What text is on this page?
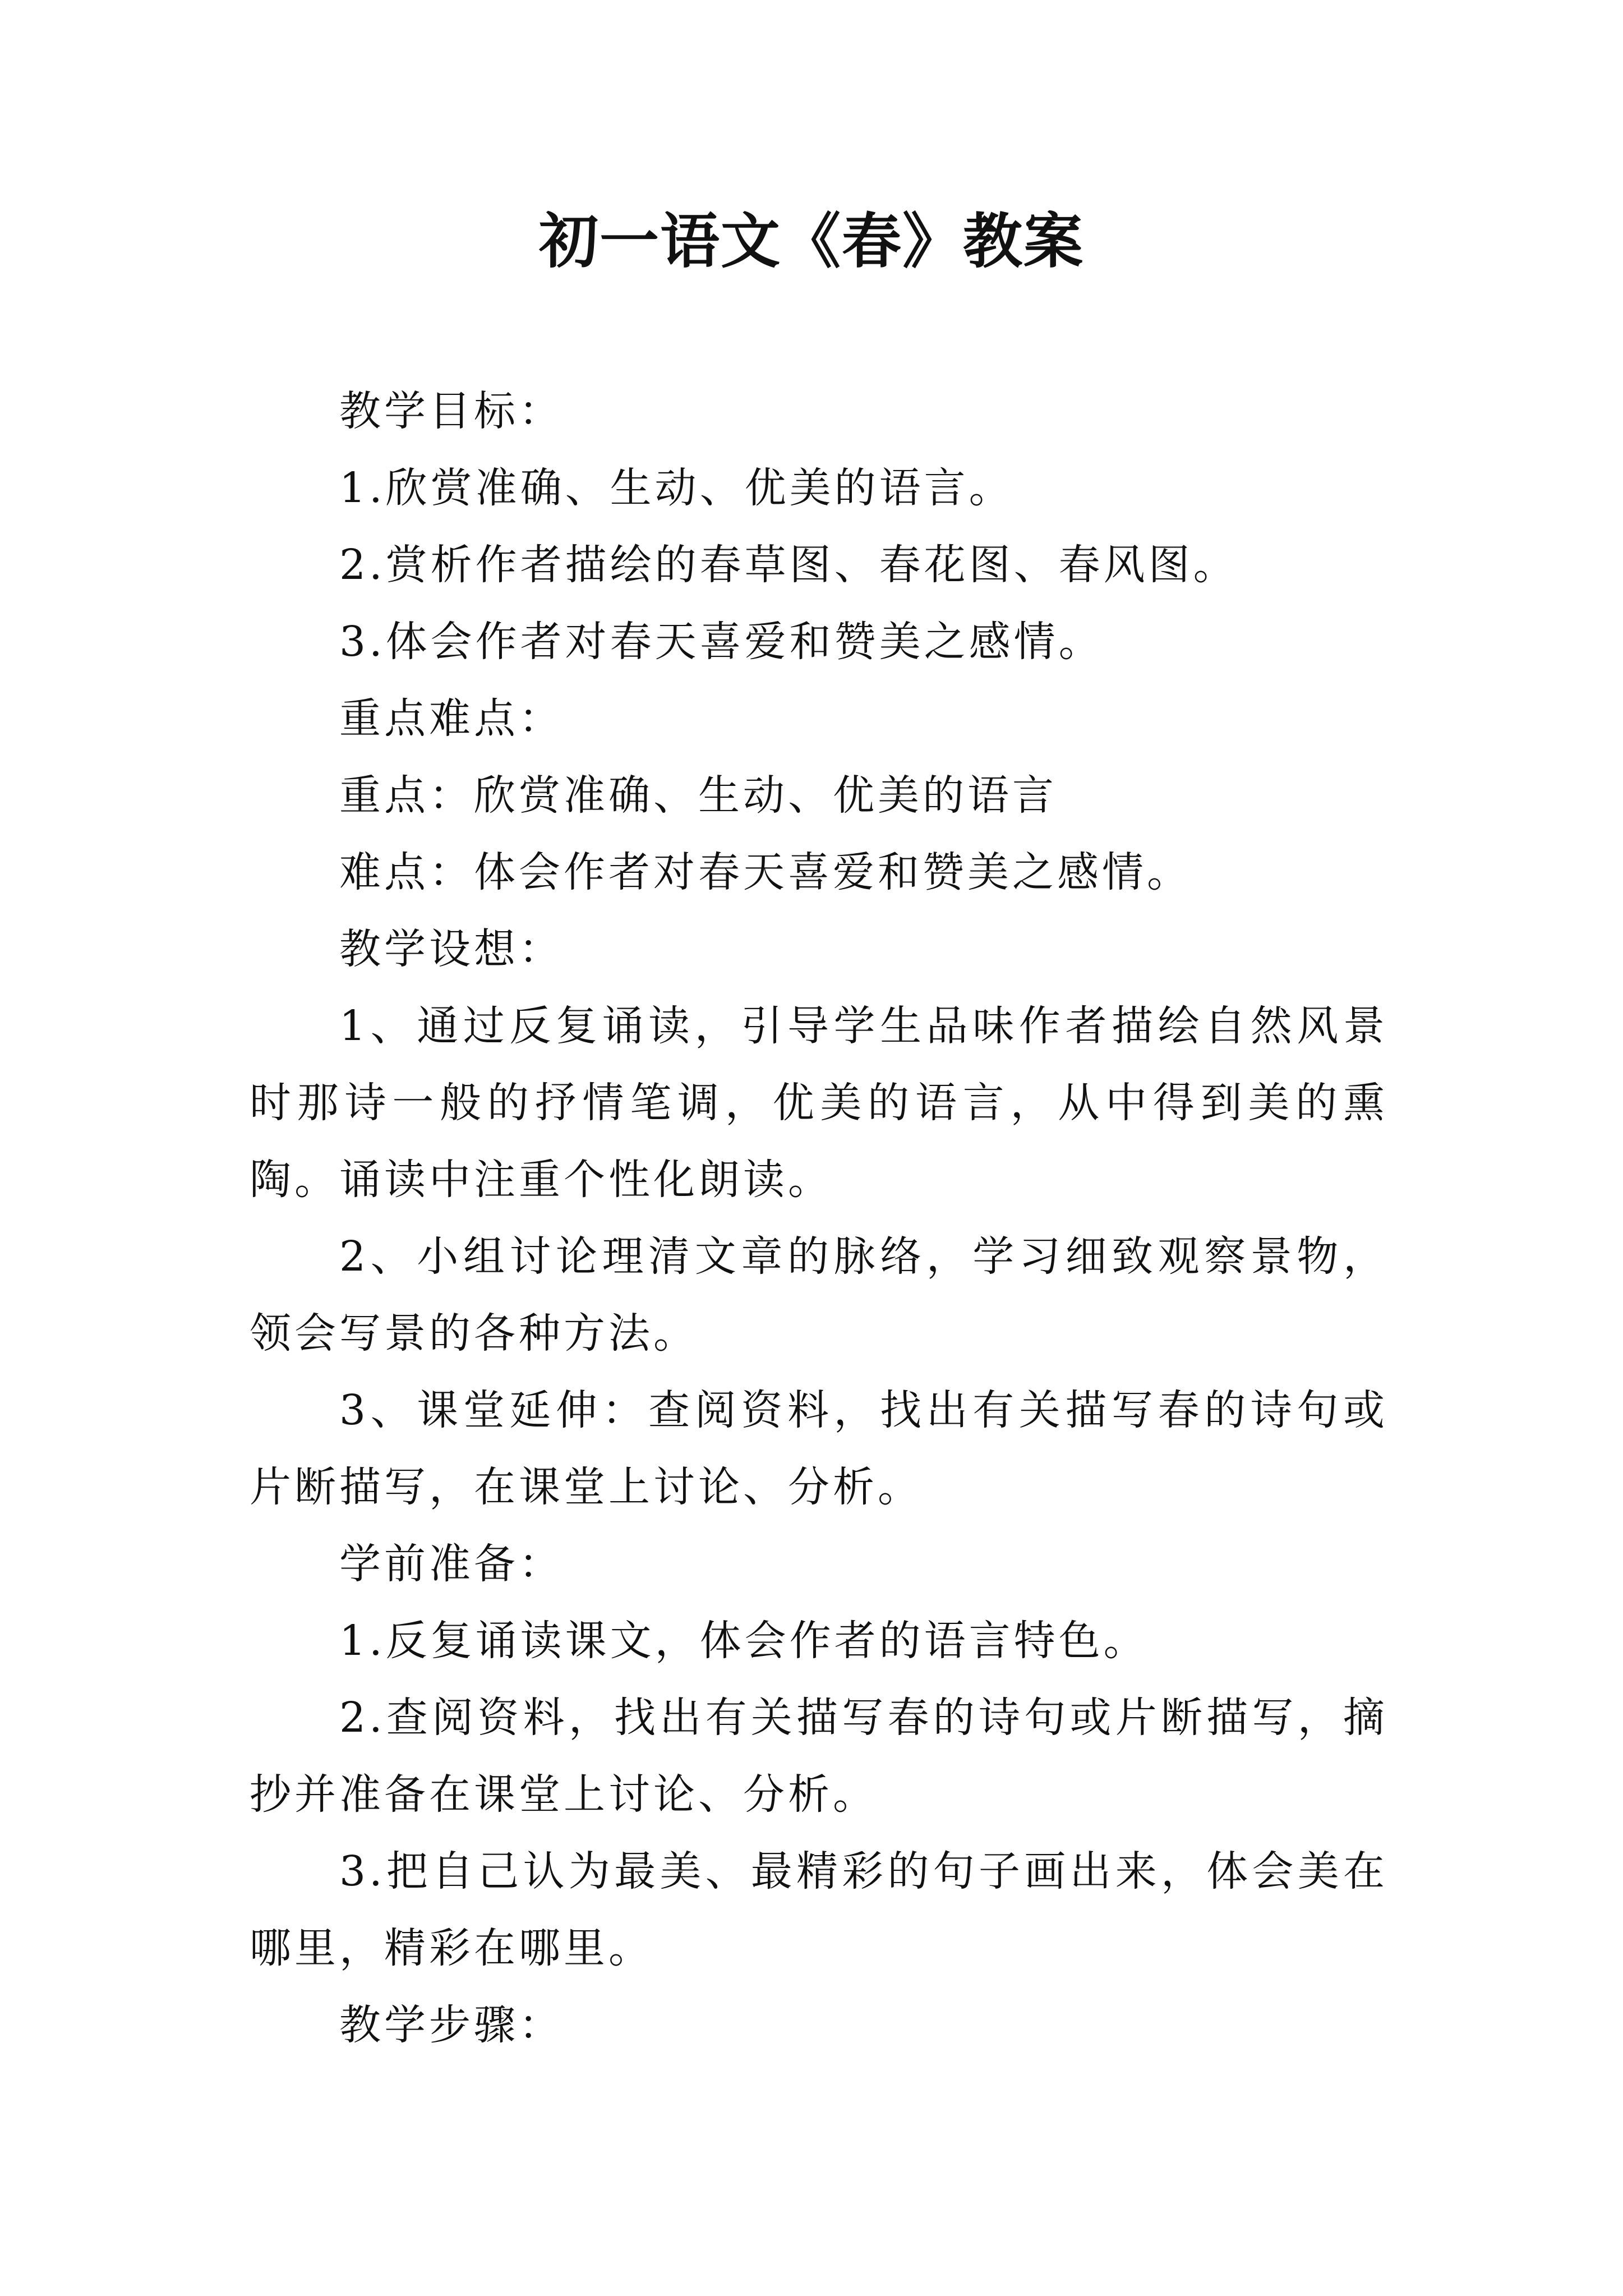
初一语文《春》教案

教学目标：

1.欣赏准确、生动、优美的语言。

2.赏析作者描绘的春草图、春花图、春风图。

3.体会作者对春天喜爱和赞美之感情。

重点难点：

重点：欣赏准确、生动、优美的语言

难点：体会作者对春天喜爱和赞美之感情。

教学设想：

1、通过反复诵读，引导学生品味作者描绘自然风景时那诗一般的抒情笔调，优美的语言，从中得到美的熏陶。诵读中注重个性化朗读。

2、小组讨论理清文章的脉络，学习细致观察景物，领会写景的各种方法。

3、课堂延伸：查阅资料，找出有关描写春的诗句或片断描写，在课堂上讨论、分析。

学前准备：

1.反复诵读课文，体会作者的语言特色。

2.查阅资料，找出有关描写春的诗句或片断描写，摘抄并准备在课堂上讨论、分析。

3.把自己认为最美、最精彩的句子画出来，体会美在哪里，精彩在哪里。

教学步骤：
